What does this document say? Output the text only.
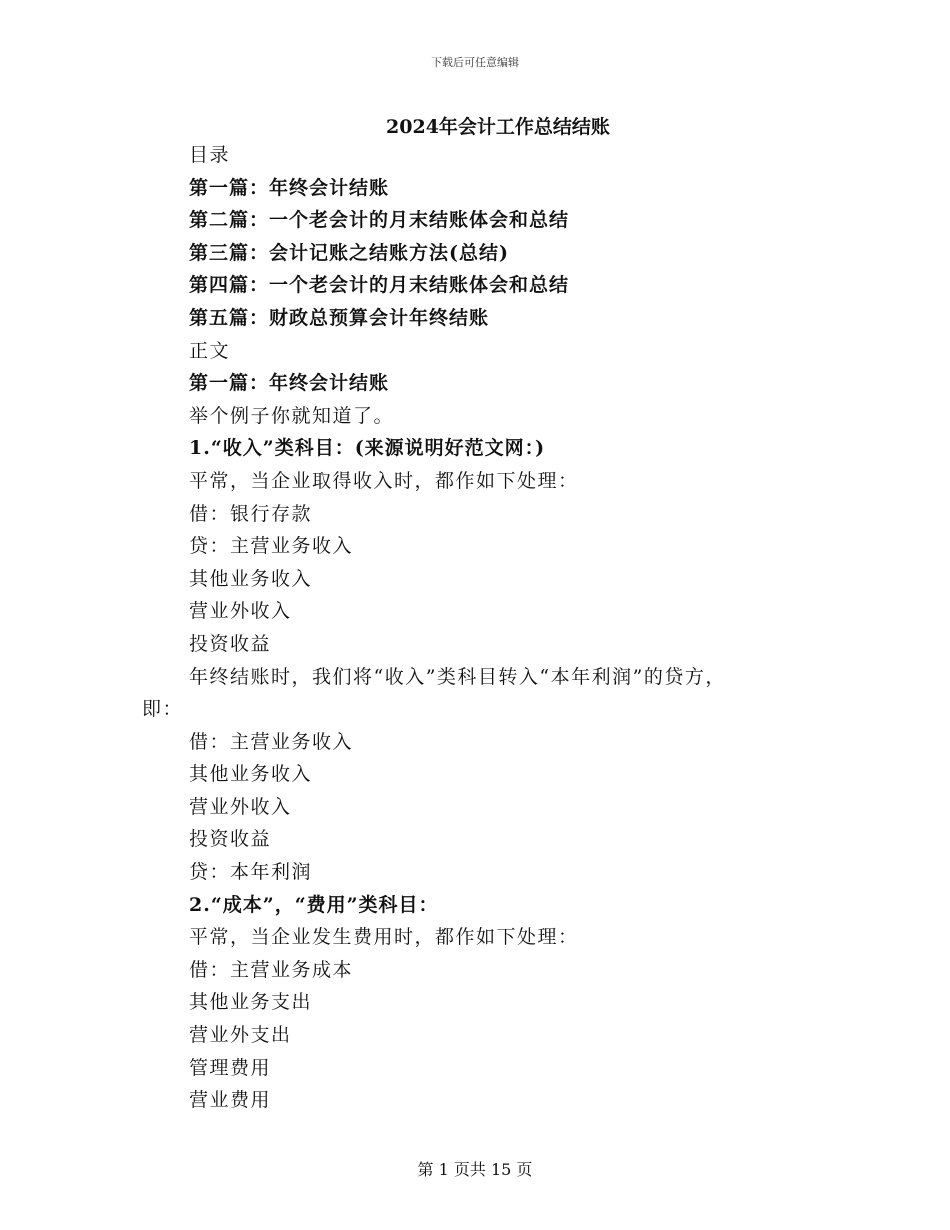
下载后可任意编辑
2024年会计工作总结结账
目录
第一篇：年终会计结账
第二篇：一个老会计的月末结账体会和总结
第三篇：会计记账之结账方法(总结)
第四篇：一个老会计的月末结账体会和总结
第五篇：财政总预算会计年终结账
正文
第一篇：年终会计结账
举个例子你就知道了。
1.“收入”类科目：(来源说明好范文网：)
平常，当企业取得收入时，都作如下处理：
借：银行存款
贷：主营业务收入
其他业务收入
营业外收入
投资收益
年终结账时，我们将“收入”类科目转入“本年利润”的贷方，
即：
借：主营业务收入
其他业务收入
营业外收入
投资收益
贷：本年利润
2.“成本”，“费用”类科目：
平常，当企业发生费用时，都作如下处理：
借：主营业务成本
其他业务支出
营业外支出
管理费用
营业费用
第 1 页共 15 页
